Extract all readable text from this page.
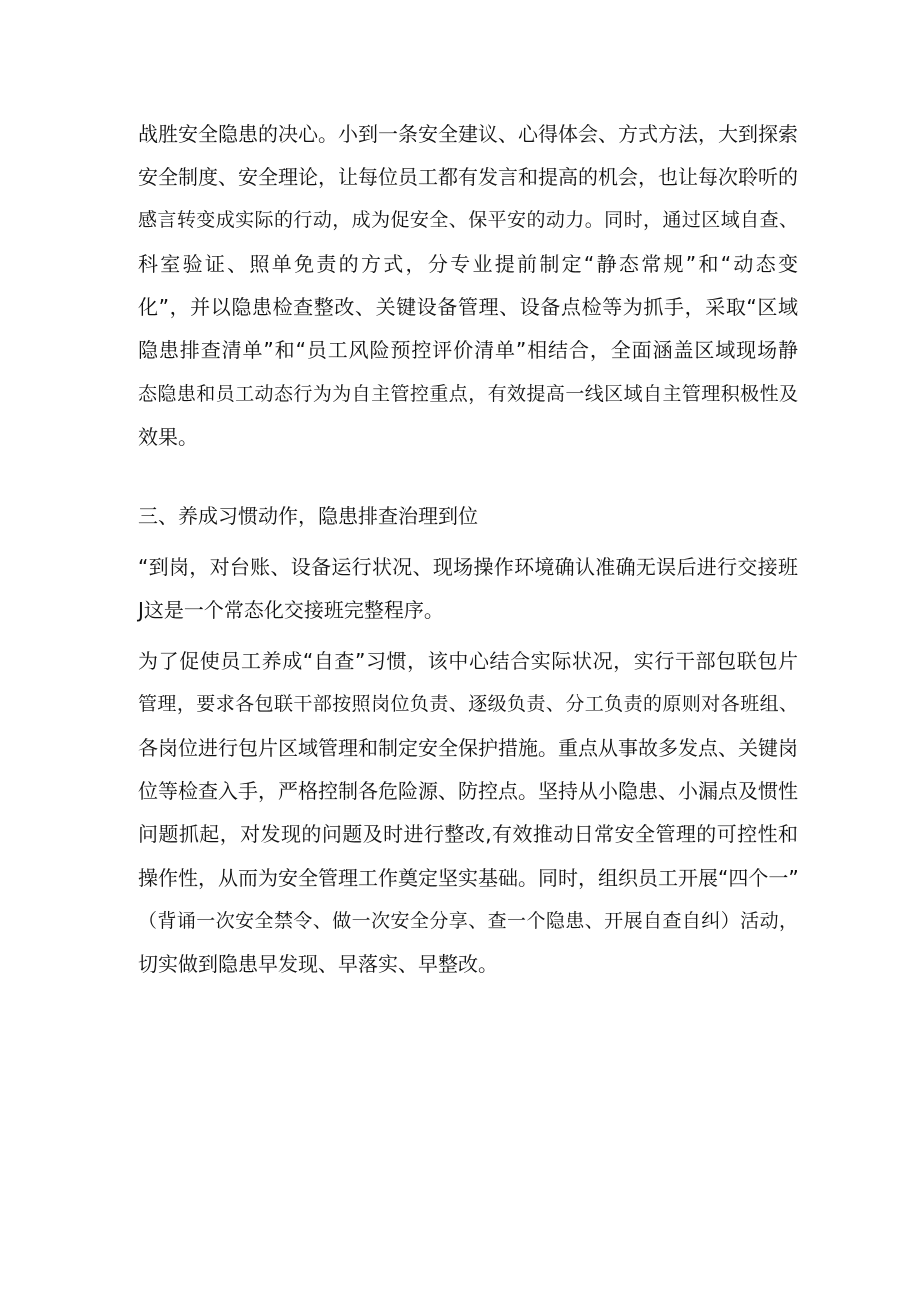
战胜安全隐患的决心。小到一条安全建议、心得体会、方式方法，大到探索
安全制度、安全理论，让每位员工都有发言和提高的机会，也让每次聆听的
感言转变成实际的行动，成为促安全、保平安的动力。同时，通过区域自查、
科室验证、照单免责的方式，分专业提前制定“静态常规”和“动态变
化”，并以隐患检查整改、关键设备管理、设备点检等为抓手，采取“区域
隐患排查清单”和“员工风险预控评价清单”相结合，全面涵盖区域现场静
态隐患和员工动态行为为自主管控重点，有效提高一线区域自主管理积极性及
效果。
三、养成习惯动作，隐患排查治理到位
“到岗，对台账、设备运行状况、现场操作环境确认准确无误后进行交接班
J这是一个常态化交接班完整程序。
为了促使员工养成“自查”习惯，该中心结合实际状况，实行干部包联包片
管理，要求各包联干部按照岗位负责、逐级负责、分工负责的原则对各班组、
各岗位进行包片区域管理和制定安全保护措施。重点从事故多发点、关键岗
位等检查入手，严格控制各危险源、防控点。坚持从小隐患、小漏点及惯性
问题抓起，对发现的问题及时进行整改,有效推动日常安全管理的可控性和
操作性，从而为安全管理工作奠定坚实基础。同时，组织员工开展“四个一”
（背诵一次安全禁令、做一次安全分享、查一个隐患、开展自查自纠）活动，
切实做到隐患早发现、早落实、早整改。
